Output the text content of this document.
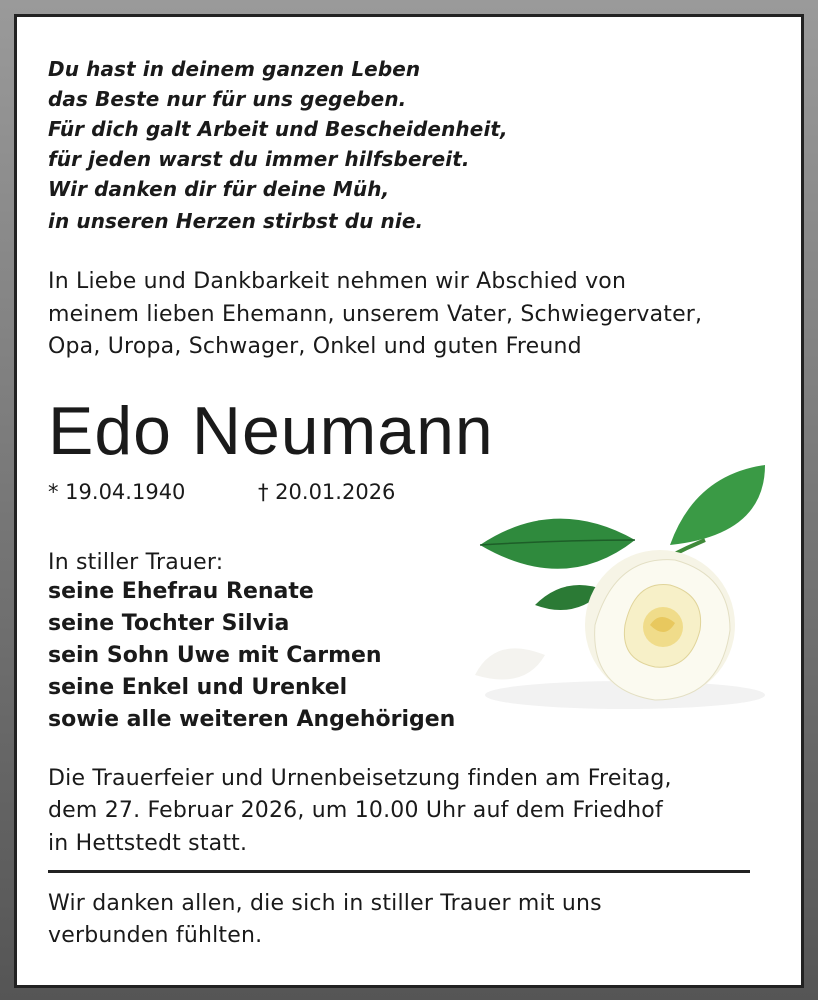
Du hast in deinem ganzen Leben
das Beste nur für uns gegeben.
Für dich galt Arbeit und Bescheidenheit,
für jeden warst du immer hilfsbereit.
Wir danken dir für deine Müh,
in unseren Herzen stirbst du nie.
In Liebe und Dankbarkeit nehmen wir Abschied von
meinem lieben Ehemann, unserem Vater, Schwiegervater,
Opa, Uropa, Schwager, Onkel und guten Freund
Edo Neumann
* 19.04.1940	† 20.01.2026
In stiller Trauer:
seine Ehefrau Renate
seine Tochter Silvia
sein Sohn Uwe mit Carmen
seine Enkel und Urenkel
sowie alle weiteren Angehörigen
Die Trauerfeier und Urnenbeisetzung finden am Freitag,
dem 27. Februar 2026, um 10.00 Uhr auf dem Friedhof
in Hettstedt statt.
Wir danken allen, die sich in stiller Trauer mit uns
verbunden fühlten.
